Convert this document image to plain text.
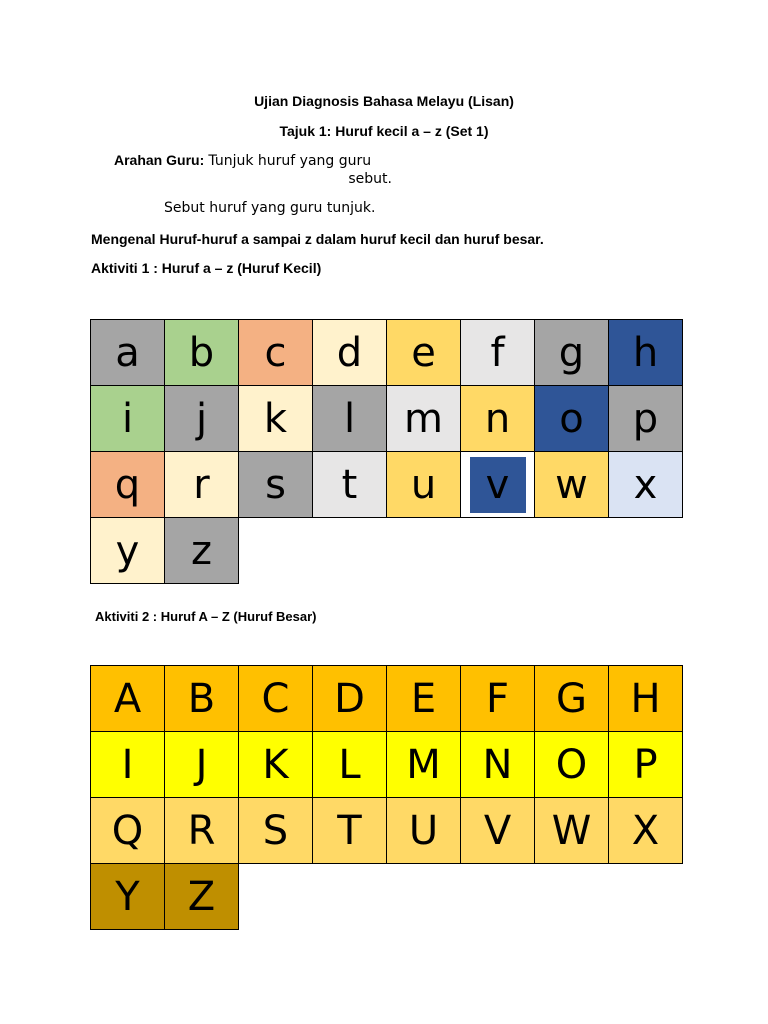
Ujian Diagnosis Bahasa Melayu (Lisan)
Tajuk 1: Huruf kecil a – z (Set 1)
Arahan Guru: Tunjuk huruf yang guru
sebut.
Sebut huruf yang guru tunjuk.
Mengenal Huruf-huruf a sampai z dalam huruf kecil dan huruf besar.
Aktiviti 1 : Huruf a – z (Huruf Kecil)
a	b	c	d	e	f	g	h
i	j	k	l	m	n	o	p
q	r	s	t	u	v	w	x
y	z						
Aktiviti 2 : Huruf A – Z (Huruf Besar)
A	B	C	D	E	F	G	H
I	J	K	L	M	N	O	P
Q	R	S	T	U	V	W	X
Y	Z						
